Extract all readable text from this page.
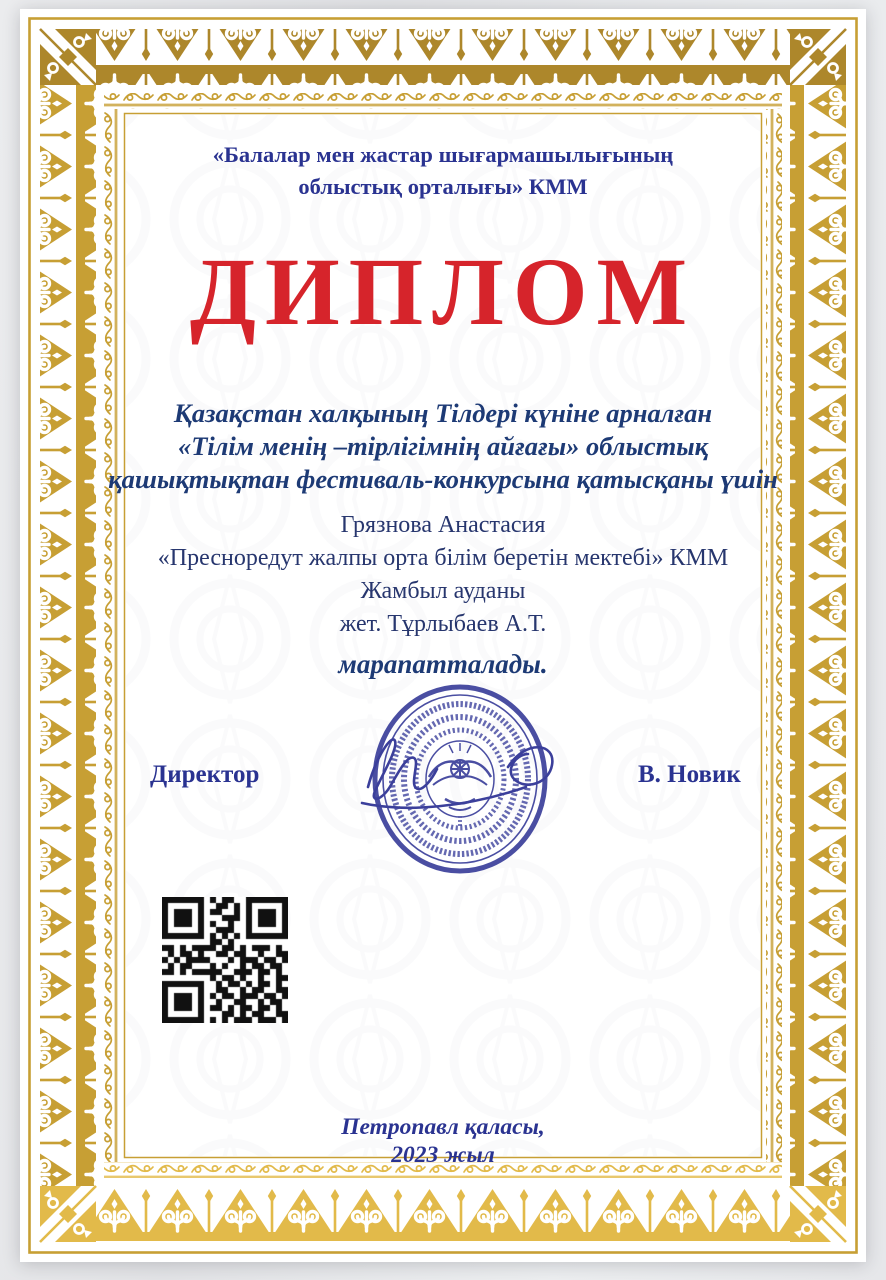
«Балалар мен жастар шығармашылығының
облыстық орталығы» КММ
ДИПЛОМ
Қазақстан халқының Тілдері күніне арналған
«Тілім менің –тірлігімнің айғағы» облыстық
қашықтықтан фестиваль-конкурсына қатысқаны үшін
Грязнова Анастасия
«Пресноредут жалпы орта білім беретін мектебі» КММ
Жамбыл ауданы
жет. Тұрлыбаев А.Т.
марапатталады.
Директор	В. Новик
Петропавл қаласы,
2023 жыл
